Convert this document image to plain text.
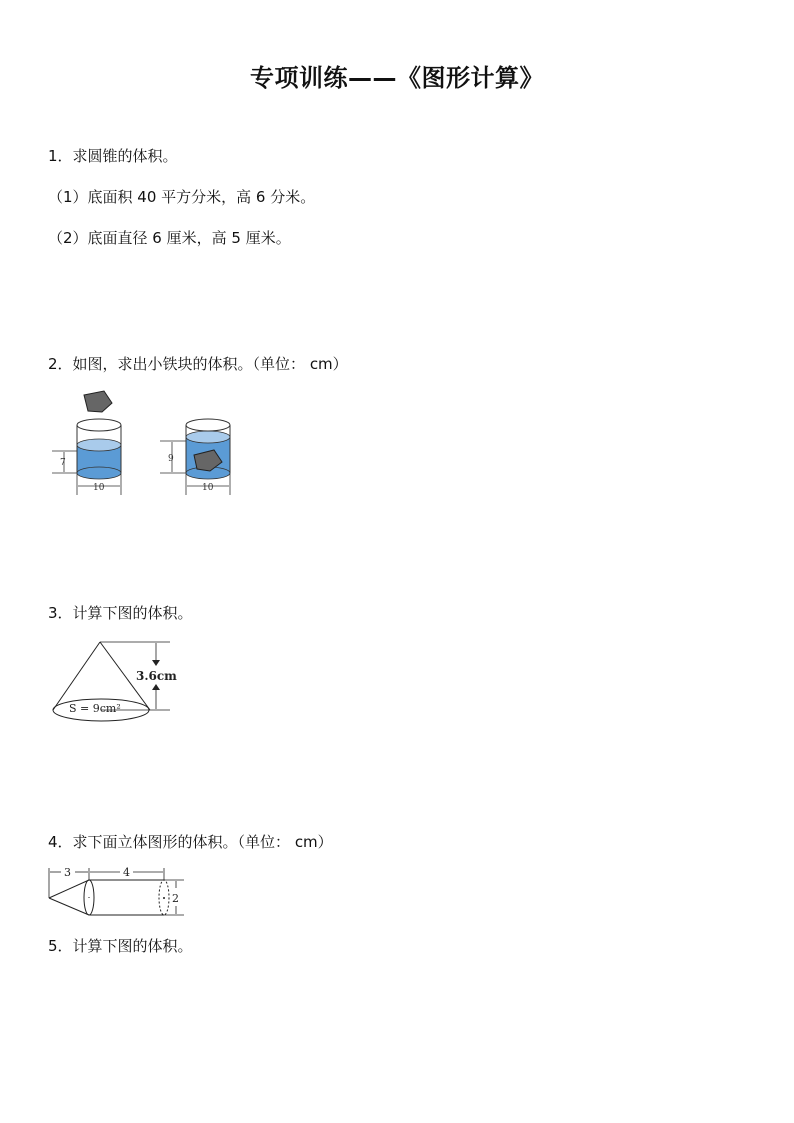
专项训练——《图形计算》
1．求圆锥的体积。
（1）底面积 40 平方分米，高 6 分米。
（2）底面直径 6 厘米，高 5 厘米。
2．如图，求出小铁块的体积。（单位： cm）
7
10
9
10
3．计算下图的体积。
3.6cm
S = 9cm²
4．求下面立体图形的体积。（单位： cm）
3	4
2
5．计算下图的体积。
